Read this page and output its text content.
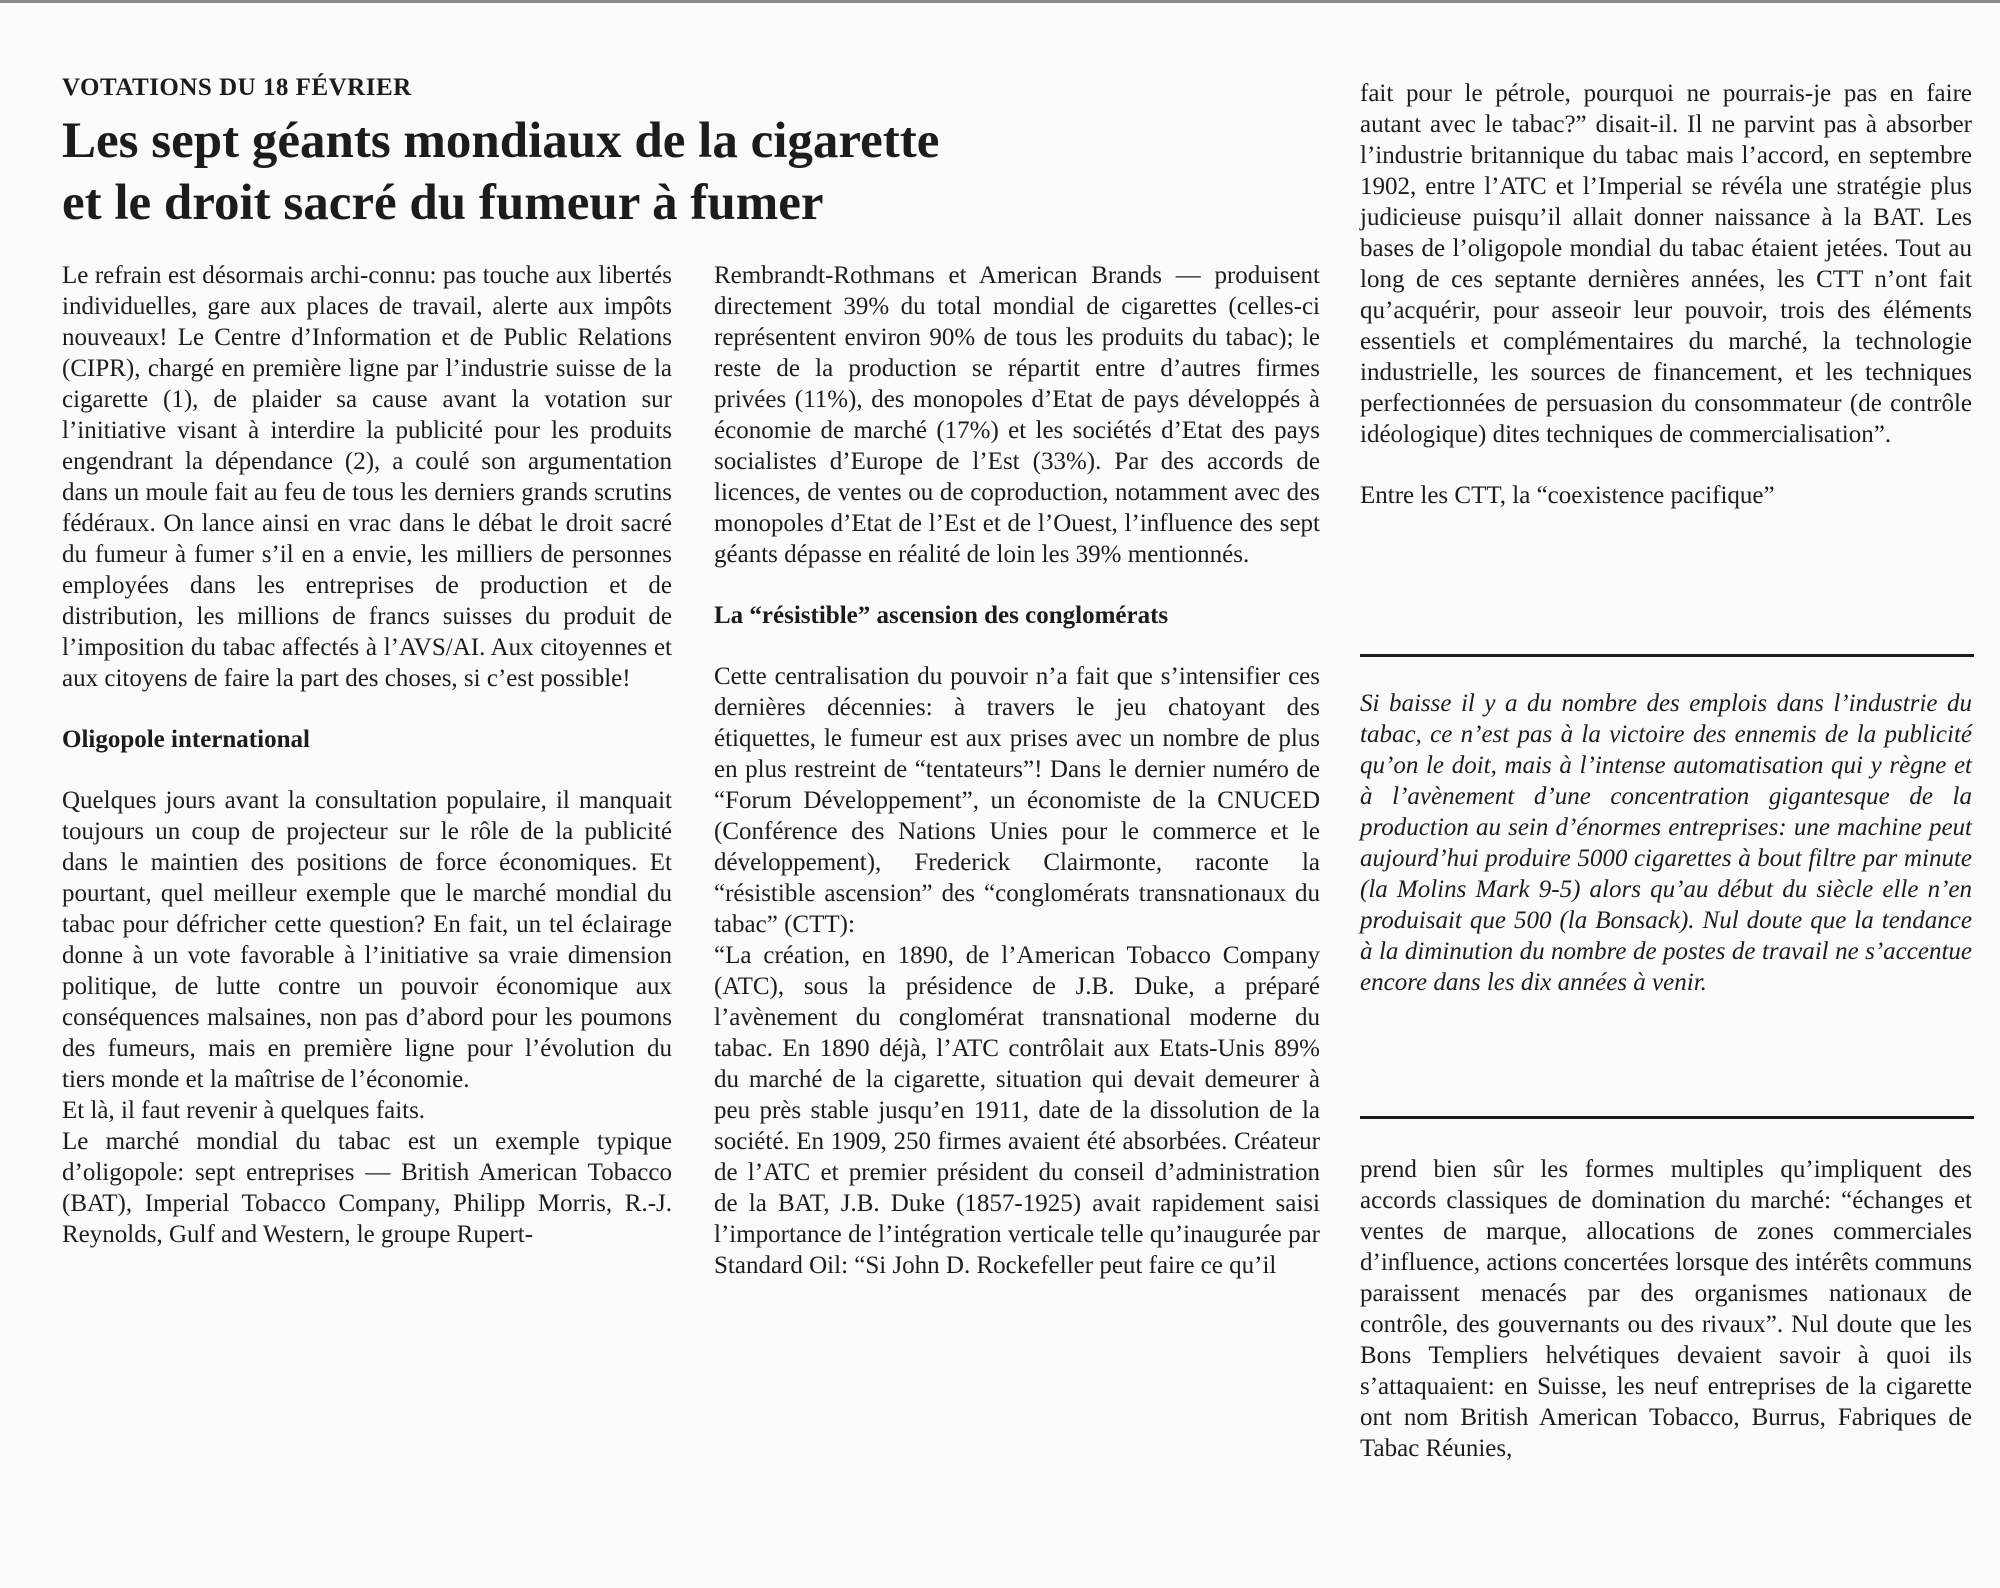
VOTATIONS DU 18 FÉVRIER
Les sept géants mondiaux de la cigarette
et le droit sacré du fumeur à fumer

Le refrain est désormais archi-connu: pas touche aux libertés individuelles, gare aux places de travail, alerte aux impôts nouveaux! Le Centre d’Information et de Public Relations (CIPR), chargé en première ligne par l’industrie suisse de la cigarette (1), de plaider sa cause avant la votation sur l’initiative visant à interdire la publicité pour les produits engendrant la dépendance (2), a coulé son argumentation dans un moule fait au feu de tous les derniers grands scrutins fédéraux. On lance ainsi en vrac dans le débat le droit sacré du fumeur à fumer s’il en a envie, les milliers de personnes employées dans les entreprises de production et de distribution, les millions de francs suisses du produit de l’imposition du tabac affectés à l’AVS/AI. Aux citoyennes et aux citoyens de faire la part des choses, si c’est possible!

Oligopole international

Quelques jours avant la consultation populaire, il manquait toujours un coup de projecteur sur le rôle de la publicité dans le maintien des positions de force économiques. Et pourtant, quel meilleur exemple que le marché mondial du tabac pour défricher cette question? En fait, un tel éclairage donne à un vote favorable à l’initiative sa vraie dimension politique, de lutte contre un pouvoir économique aux conséquences malsaines, non pas d’abord pour les poumons des fumeurs, mais en première ligne pour l’évolution du tiers monde et la maîtrise de l’économie.

Et là, il faut revenir à quelques faits.

Le marché mondial du tabac est un exemple typique d’oligopole: sept entreprises — British American Tobacco (BAT), Imperial Tobacco Company, Philipp Morris, R.-J. Reynolds, Gulf and Western, le groupe Rupert-

Rembrandt-Rothmans et American Brands — produisent directement 39% du total mondial de cigarettes (celles-ci représentent environ 90% de tous les produits du tabac); le reste de la production se répartit entre d’autres firmes privées (11%), des monopoles d’Etat de pays développés à économie de marché (17%) et les sociétés d’Etat des pays socialistes d’Europe de l’Est (33%). Par des accords de licences, de ventes ou de coproduction, notamment avec des monopoles d’Etat de l’Est et de l’Ouest, l’influence des sept géants dépasse en réalité de loin les 39% mentionnés.

La “résistible” ascension des conglomérats

Cette centralisation du pouvoir n’a fait que s’intensifier ces dernières décennies: à travers le jeu chatoyant des étiquettes, le fumeur est aux prises avec un nombre de plus en plus restreint de “tentateurs”! Dans le dernier numéro de “Forum Développement”, un économiste de la CNUCED (Conférence des Nations Unies pour le commerce et le développement), Frederick Clairmonte, raconte la “résistible ascension” des “conglomérats transnationaux du tabac” (CTT):

“La création, en 1890, de l’American Tobacco Company (ATC), sous la présidence de J.B. Duke, a préparé l’avènement du conglomérat transnational moderne du tabac. En 1890 déjà, l’ATC contrôlait aux Etats-Unis 89% du marché de la cigarette, situation qui devait demeurer à peu près stable jusqu’en 1911, date de la dissolution de la société. En 1909, 250 firmes avaient été absorbées. Créateur de l’ATC et premier président du conseil d’administration de la BAT, J.B. Duke (1857-1925) avait rapidement saisi l’importance de l’intégration verticale telle qu’inaugurée par Standard Oil: “Si John D. Rockefeller peut faire ce qu’il

fait pour le pétrole, pourquoi ne pourrais-je pas en faire autant avec le tabac?” disait-il. Il ne parvint pas à absorber l’industrie britannique du tabac mais l’accord, en septembre 1902, entre l’ATC et l’Imperial se révéla une stratégie plus judicieuse puisqu’il allait donner naissance à la BAT. Les bases de l’oligopole mondial du tabac étaient jetées. Tout au long de ces septante dernières années, les CTT n’ont fait qu’acquérir, pour asseoir leur pouvoir, trois des éléments essentiels et complémentaires du marché, la technologie industrielle, les sources de financement, et les techniques perfectionnées de persuasion du consommateur (de contrôle idéologique) dites techniques de commercialisation”.

Entre les CTT, la “coexistence pacifique”

Si baisse il y a du nombre des emplois dans l’industrie du tabac, ce n’est pas à la victoire des ennemis de la publicité qu’on le doit, mais à l’intense automatisation qui y règne et à l’avènement d’une concentration gigantesque de la production au sein d’énormes entreprises: une machine peut aujourd’hui produire 5000 cigarettes à bout filtre par minute (la Molins Mark 9-5) alors qu’au début du siècle elle n’en produisait que 500 (la Bonsack). Nul doute que la tendance à la diminution du nombre de postes de travail ne s’accentue encore dans les dix années à venir.

prend bien sûr les formes multiples qu’impliquent des accords classiques de domination du marché: “échanges et ventes de marque, allocations de zones commerciales d’influence, actions concertées lorsque des intérêts communs paraissent menacés par des organismes nationaux de contrôle, des gouvernants ou des rivaux”. Nul doute que les Bons Templiers helvétiques devaient savoir à quoi ils s’attaquaient: en Suisse, les neuf entreprises de la cigarette ont nom British American Tobacco, Burrus, Fabriques de Tabac Réunies,
